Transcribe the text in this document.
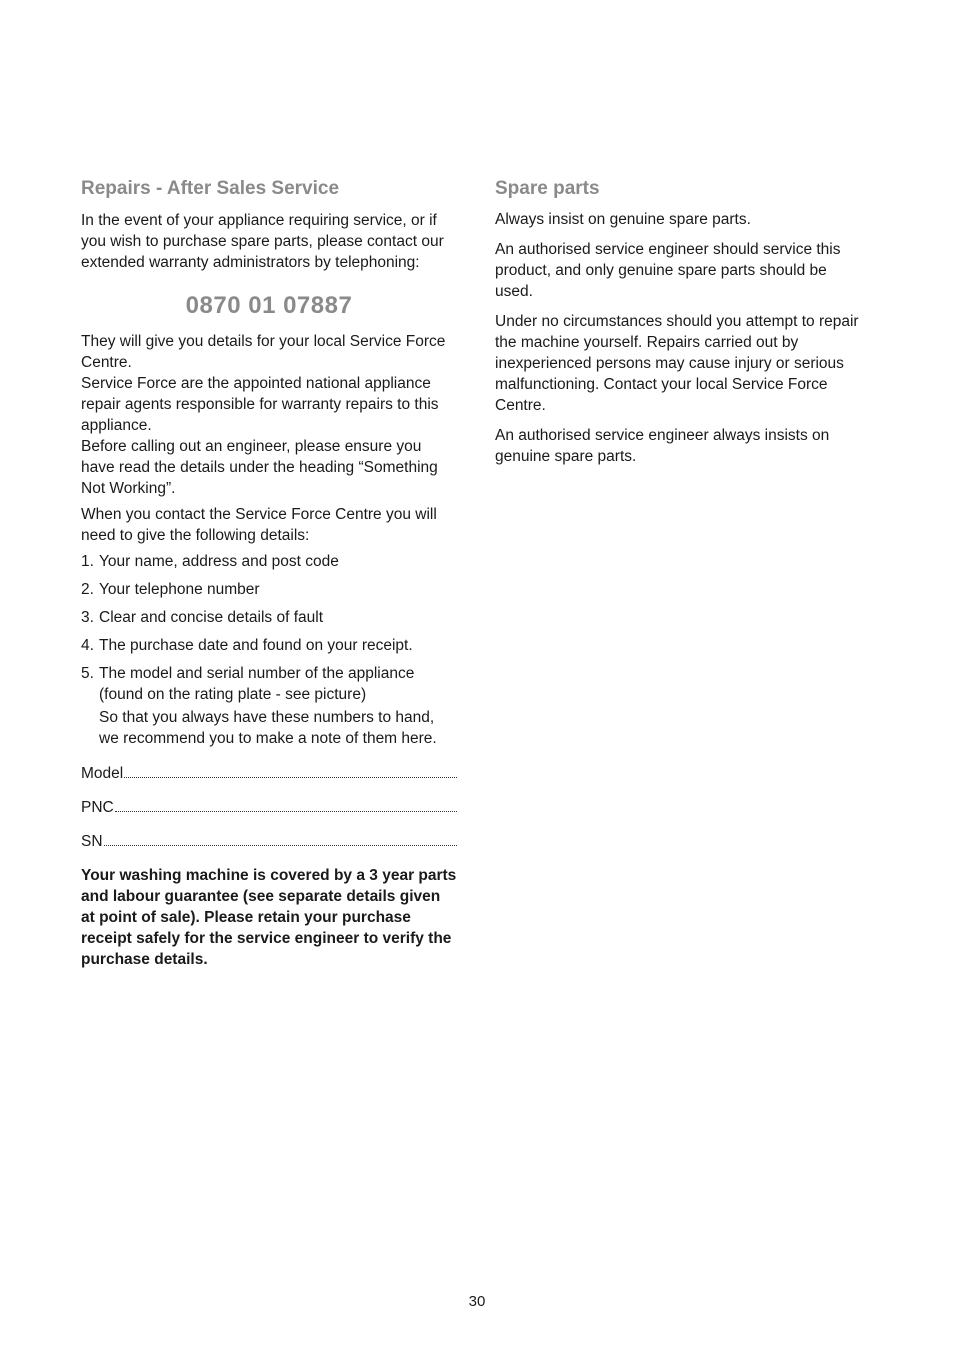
Repairs - After Sales Service

In the event of your appliance requiring service, or if you wish to purchase spare parts, please contact our extended warranty administrators by telephoning:

0870 01 07887

They will give you details for your local Service Force Centre.

Service Force are the appointed national appliance repair agents responsible for warranty repairs to this appliance.

Before calling out an engineer, please ensure you have read the details under the heading “Something Not Working”.

When you contact the Service Force Centre you will need to give the following details:

1. Your name, address and post code
2. Your telephone number
3. Clear and concise details of fault
4. The purchase date and found on your receipt.
5. The model and serial number of the appliance (found on the rating plate - see picture)

So that you always have these numbers to hand, we recommend you to make a note of them here.

Model
PNC
SN

Your washing machine is covered by a 3 year parts and labour guarantee (see separate details given at point of sale). Please retain your purchase receipt safely for the service engineer to verify the purchase details.

Spare parts

Always insist on genuine spare parts.

An authorised service engineer should service this product, and only genuine spare parts should be used.

Under no circumstances should you attempt to repair the machine yourself. Repairs carried out by inexperienced persons may cause injury or serious malfunctioning. Contact your local Service Force Centre.

An authorised service engineer always insists on genuine spare parts.

30
